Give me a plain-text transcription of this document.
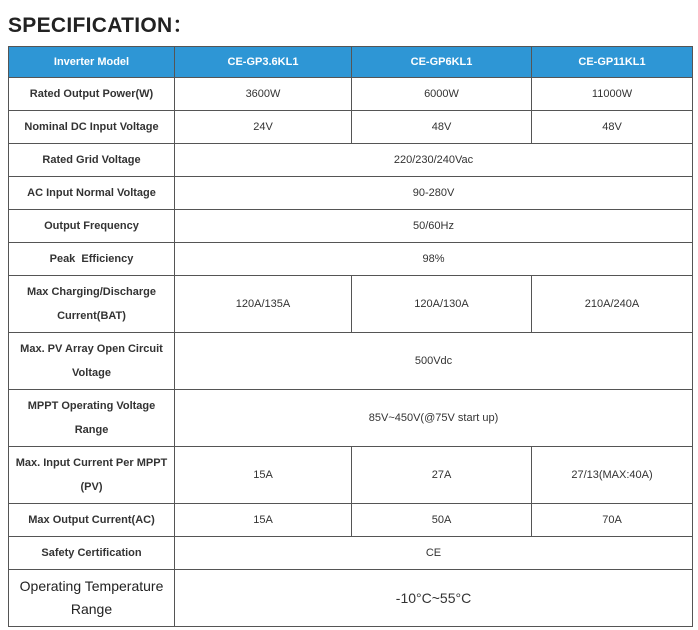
SPECIFICATION：
Inverter Model	CE-GP3.6KL1	CE-GP6KL1	CE-GP11KL1
Rated Output Power(W)	3600W	6000W	11000W
Nominal DC Input Voltage	24V	48V	48V
Rated Grid Voltage	220/230/240Vac		
AC Input Normal Voltage	90-280V		
Output Frequency	50/60Hz		
Peak  Efficiency	98%		
Max Charging/Discharge Current(BAT)	120A/135A	120A/130A	210A/240A
Max. PV Array Open Circuit Voltage	500Vdc		
MPPT Operating Voltage Range	85V~450V(@75V start up)		
Max. Input Current Per MPPT (PV)	15A	27A	27/13(MAX:40A)
Max Output Current(AC)	15A	50A	70A
Safety Certification	CE		
Operating Temperature Range	-10°C~55°C		
